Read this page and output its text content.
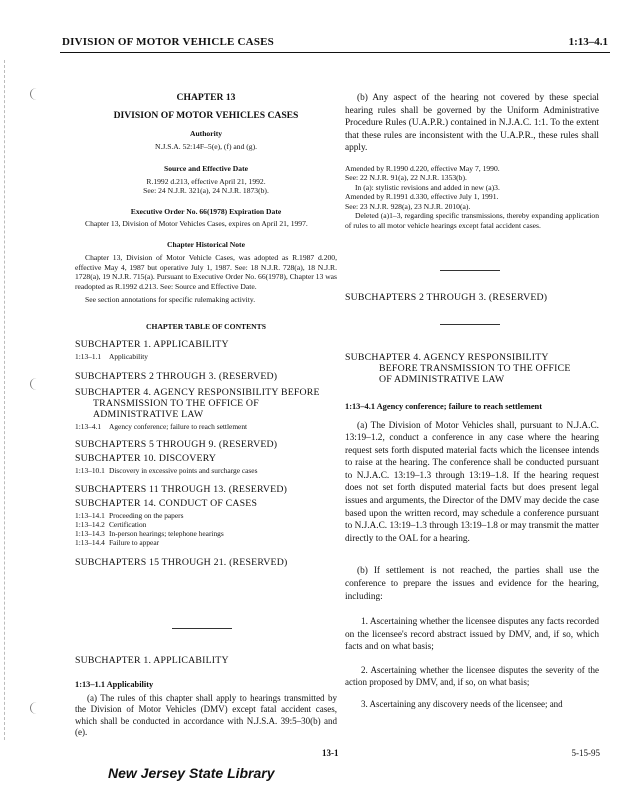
DIVISION OF MOTOR VEHICLE CASES	1:13–4.1
CHAPTER 13
DIVISION OF MOTOR VEHICLES CASES
Authority
N.J.S.A. 52:14F–5(e), (f) and (g).
Source and Effective Date
R.1992 d.213, effective April 21, 1992.
See: 24 N.J.R. 321(a), 24 N.J.R. 1873(b).
Executive Order No. 66(1978) Expiration Date
Chapter 13, Division of Motor Vehicles Cases, expires on April 21, 1997.
Chapter Historical Note
Chapter 13, Division of Motor Vehicle Cases, was adopted as R.1987 d.200, effective May 4, 1987 but operative July 1, 1987. See: 18 N.J.R. 728(a), 18 N.J.R. 1728(a), 19 N.J.R. 715(a). Pursuant to Executive Order No. 66(1978), Chapter 13 was readopted as R.1992 d.213. See: Source and Effective Date.
See section annotations for specific rulemaking activity.
CHAPTER TABLE OF CONTENTS
SUBCHAPTER 1. APPLICABILITY
1:13–1.1	Applicability
SUBCHAPTERS 2 THROUGH 3. (RESERVED)
SUBCHAPTER 4. AGENCY RESPONSIBILITY BEFORE
TRANSMISSION TO THE OFFICE OF
ADMINISTRATIVE LAW
1:13–4.1	Agency conference; failure to reach settlement
SUBCHAPTERS 5 THROUGH 9. (RESERVED)
SUBCHAPTER 10. DISCOVERY
1:13–10.1 Discovery in excessive points and surcharge cases
SUBCHAPTERS 11 THROUGH 13. (RESERVED)
SUBCHAPTER 14. CONDUCT OF CASES
1:13–14.1 Proceeding on the papers
1:13–14.2 Certification
1:13–14.3 In-person hearings; telephone hearings
1:13–14.4 Failure to appear
SUBCHAPTERS 15 THROUGH 21. (RESERVED)
SUBCHAPTER 1. APPLICABILITY
1:13–1.1 Applicability
(a) The rules of this chapter shall apply to hearings transmitted by the Division of Motor Vehicles (DMV) except fatal accident cases, which shall be conducted in accordance with N.J.S.A. 39:5–30(b) and (e).
(b) Any aspect of the hearing not covered by these special hearing rules shall be governed by the Uniform Administrative Procedure Rules (U.A.P.R.) contained in N.J.A.C. 1:1. To the extent that these rules are inconsistent with the U.A.P.R., these rules shall apply.
Amended by R.1990 d.220, effective May 7, 1990.
See: 22 N.J.R. 91(a), 22 N.J.R. 1353(b).
In (a): stylistic revisions and added in new (a)3.
Amended by R.1991 d.330, effective July 1, 1991.
See: 23 N.J.R. 928(a), 23 N.J.R. 2010(a).
Deleted (a)1–3, regarding specific transmissions, thereby expanding application of rules to all motor vehicle hearings except fatal accident cases.
SUBCHAPTERS 2 THROUGH 3. (RESERVED)
SUBCHAPTER 4. AGENCY RESPONSIBILITY
BEFORE TRANSMISSION TO THE OFFICE
OF ADMINISTRATIVE LAW
1:13–4.1 Agency conference; failure to reach settlement
(a) The Division of Motor Vehicles shall, pursuant to N.J.A.C. 13:19–1.2, conduct a conference in any case where the hearing request sets forth disputed material facts which the licensee intends to raise at the hearing. The conference shall be conducted pursuant to N.J.A.C. 13:19–1.3 through 13:19–1.8. If the hearing request does not set forth disputed material facts but does present legal issues and arguments, the Director of the DMV may decide the case based upon the written record, may schedule a conference pursuant to N.J.A.C. 13:19–1.3 through 13:19–1.8 or may transmit the matter directly to the OAL for a hearing.
(b) If settlement is not reached, the parties shall use the conference to prepare the issues and evidence for the hearing, including:
1. Ascertaining whether the licensee disputes any facts recorded on the licensee's record abstract issued by DMV, and, if so, which facts and on what basis;
2. Ascertaining whether the licensee disputes the severity of the action proposed by DMV, and, if so, on what basis;
3. Ascertaining any discovery needs of the licensee; and
13-1	5-15-95
New Jersey State Library
